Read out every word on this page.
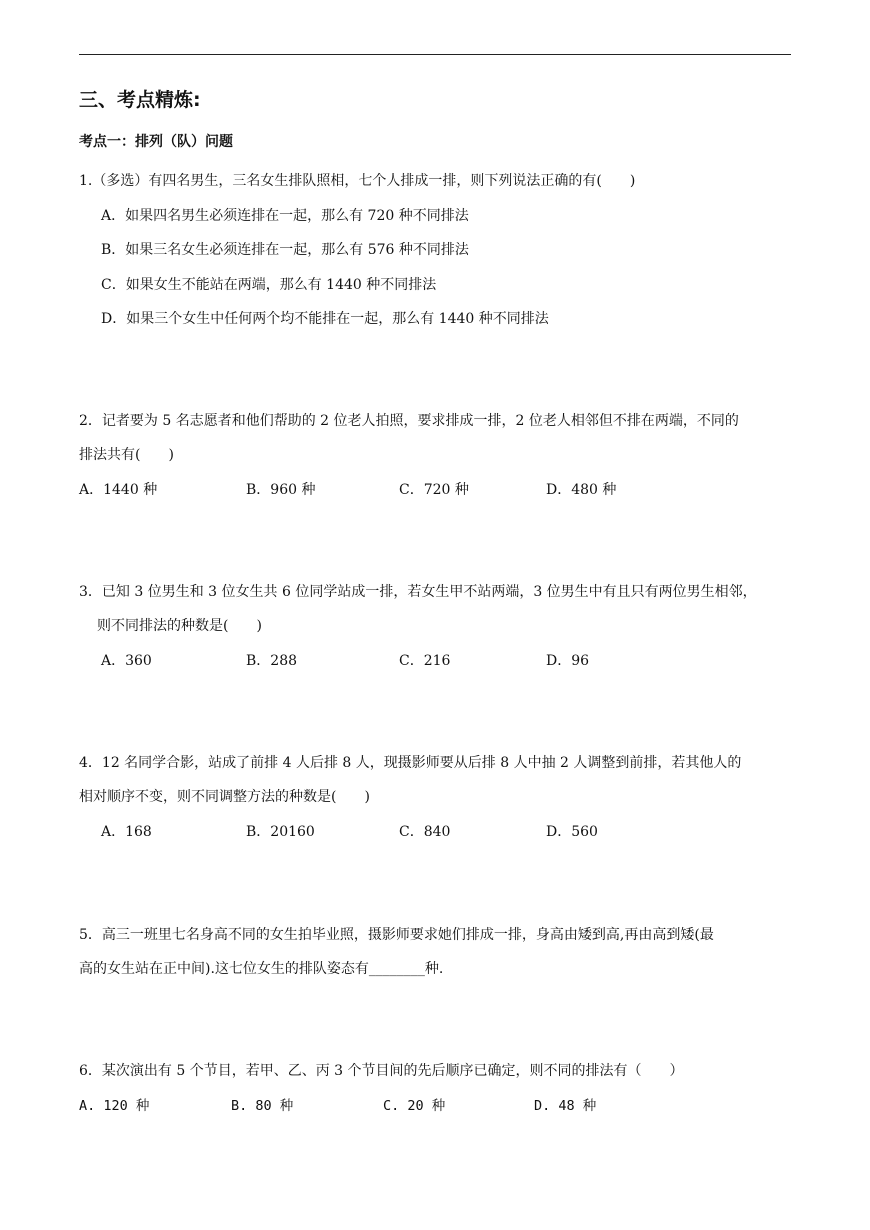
三、考点精炼:
考点一：排列（队）问题
1.（多选）有四名男生，三名女生排队照相，七个人排成一排，则下列说法正确的有(　　)
A．如果四名男生必须连排在一起，那么有 720 种不同排法
B．如果三名女生必须连排在一起，那么有 576 种不同排法
C．如果女生不能站在两端，那么有 1440 种不同排法
D．如果三个女生中任何两个均不能排在一起，那么有 1440 种不同排法
2．记者要为 5 名志愿者和他们帮助的 2 位老人拍照，要求排成一排，2 位老人相邻但不排在两端，不同的
排法共有(　　)
A．1440 种	B．960 种	C．720 种	D．480 种
3．已知 3 位男生和 3 位女生共 6 位同学站成一排，若女生甲不站两端，3 位男生中有且只有两位男生相邻，
则不同排法的种数是(　　)
A．360	B．288	C．216	D．96
4．12 名同学合影，站成了前排 4 人后排 8 人，现摄影师要从后排 8 人中抽 2 人调整到前排，若其他人的
相对顺序不变，则不同调整方法的种数是(　　)
A．168	B．20160	C．840	D．560
5．高三一班里七名身高不同的女生拍毕业照，摄影师要求她们排成一排，身高由矮到高,再由高到矮(最
高的女生站在正中间).这七位女生的排队姿态有________种.
6．某次演出有 5 个节目，若甲、乙、丙 3 个节目间的先后顺序已确定，则不同的排法有（　　）
A. 120 种	B. 80 种	C. 20 种	D. 48 种
